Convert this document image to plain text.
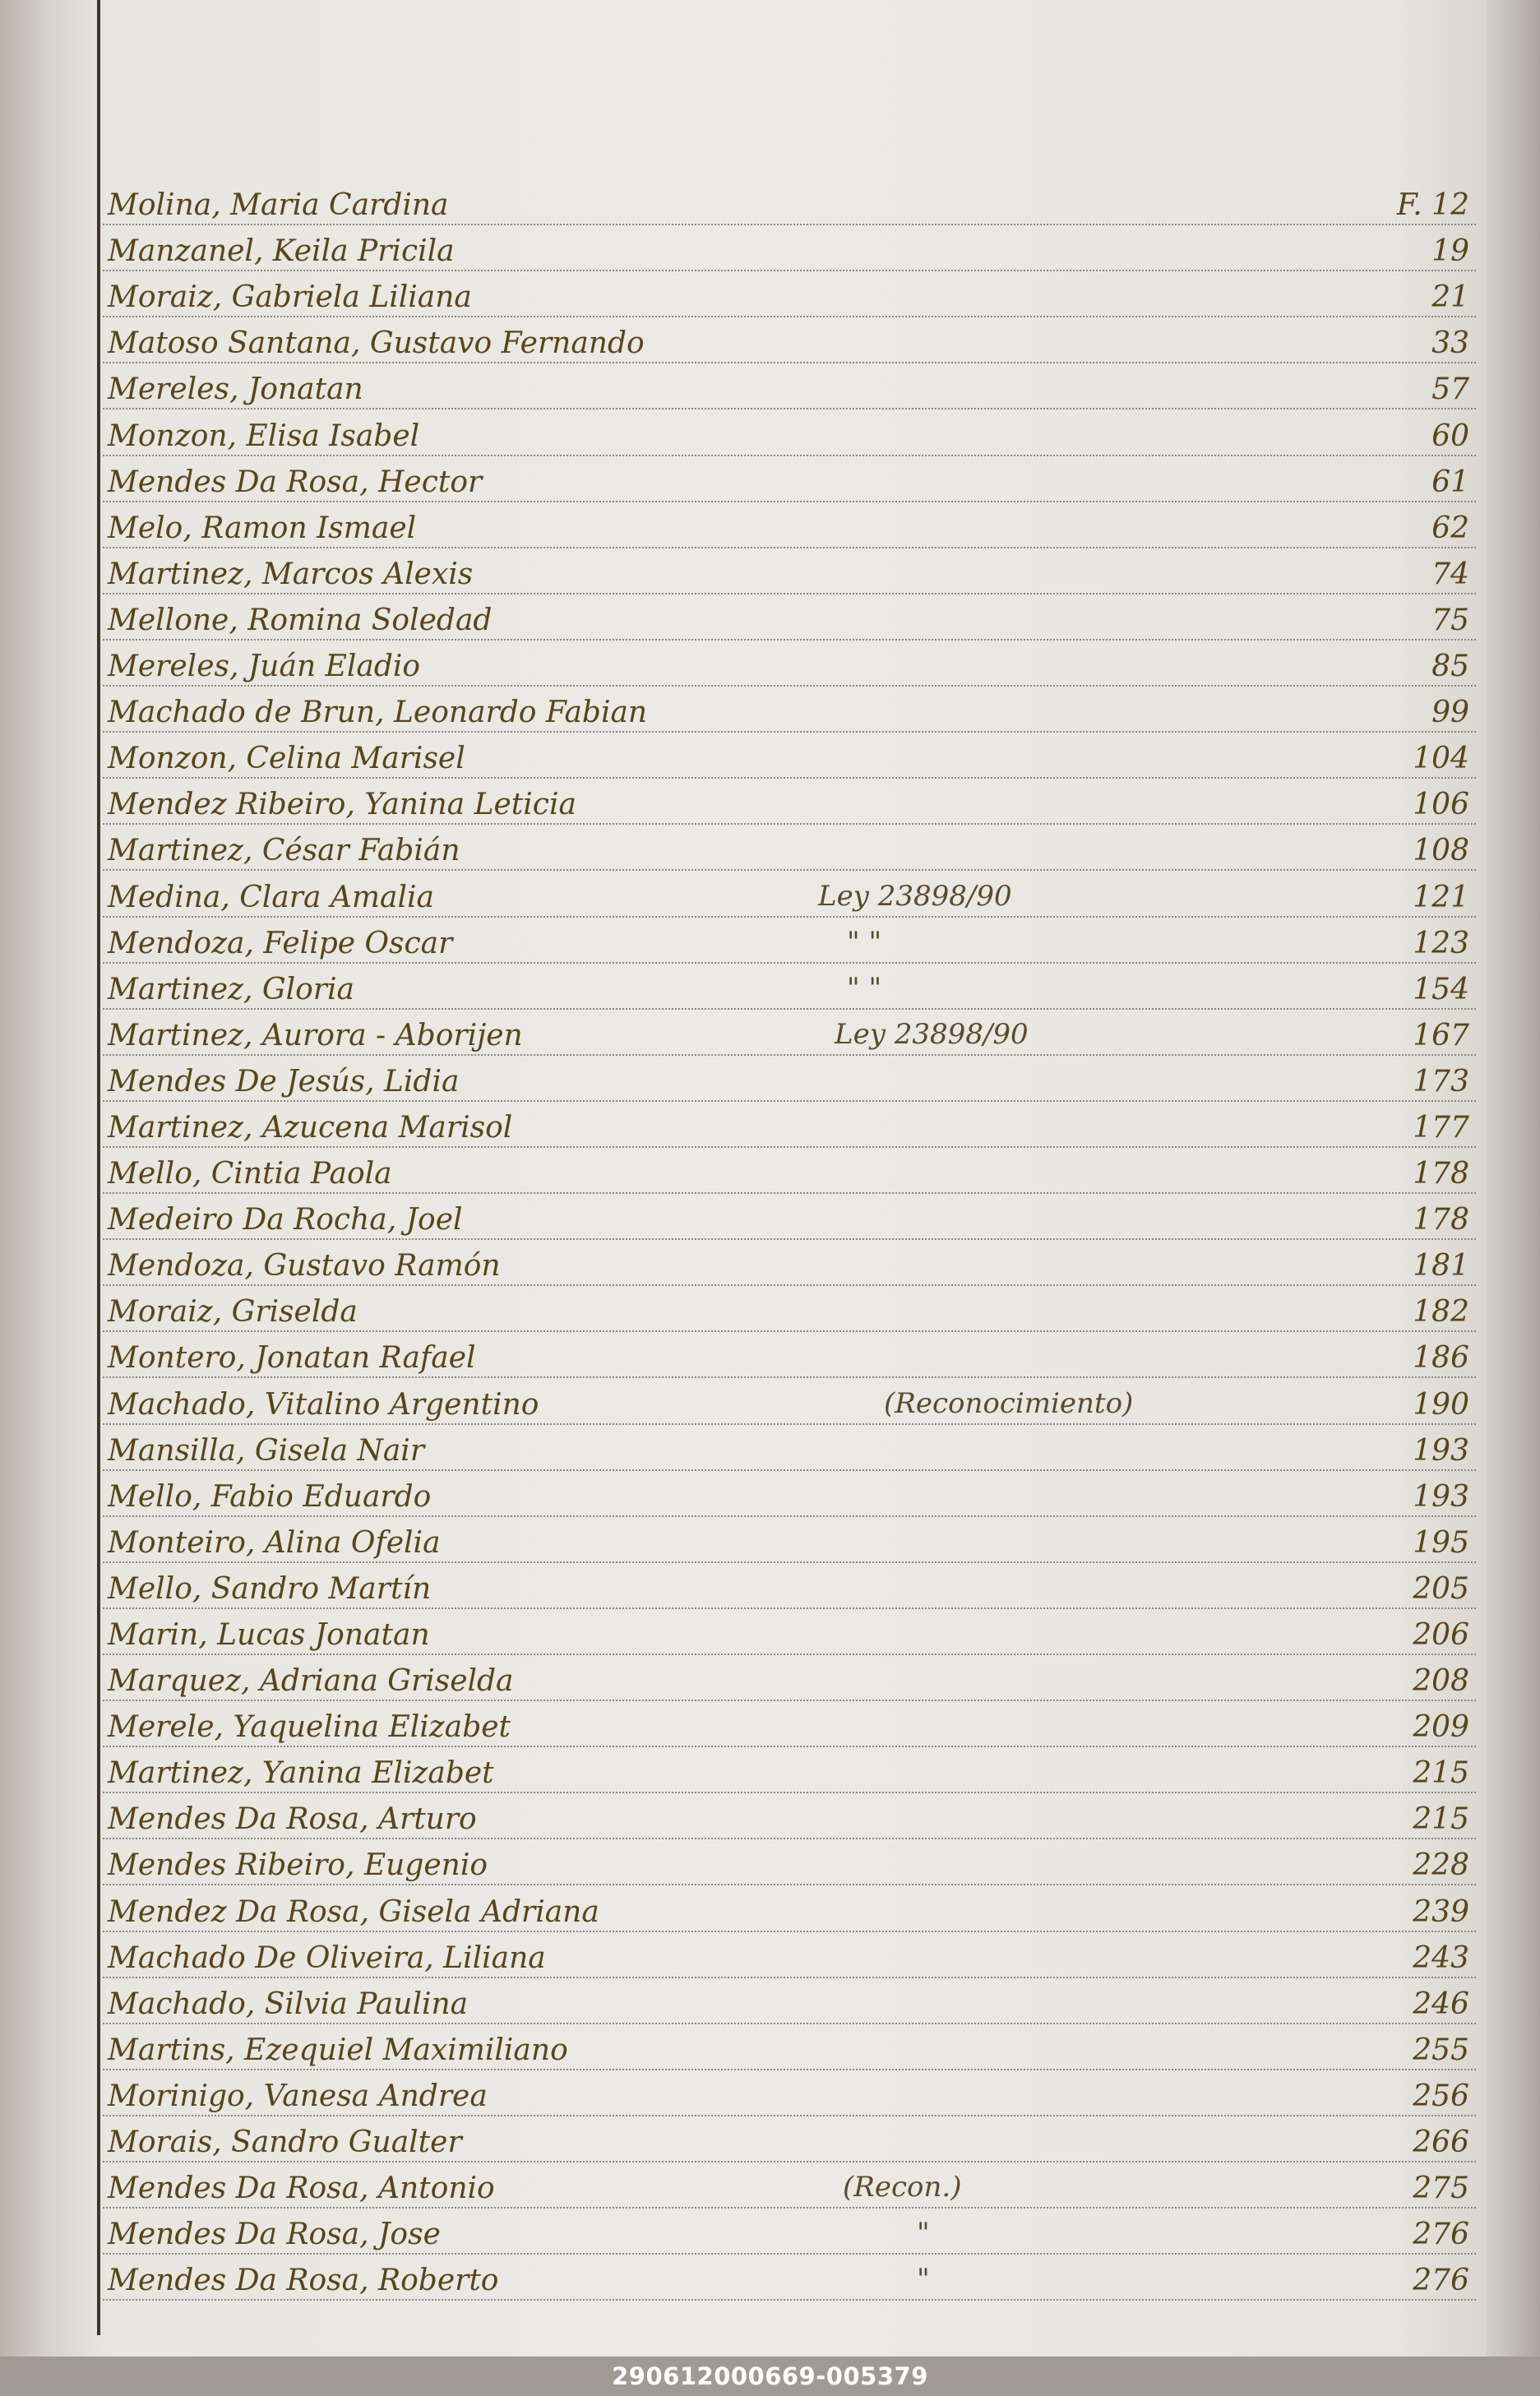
Molina, Maria Cardina	F. 12
Manzanel, Keila Pricila	19
Moraiz, Gabriela Liliana	21
Matoso Santana, Gustavo Fernando	33
Mereles, Jonatan	57
Monzon, Elisa Isabel	60
Mendes Da Rosa, Hector	61
Melo, Ramon Ismael	62
Martinez, Marcos Alexis	74
Mellone, Romina Soledad	75
Mereles, Juán Eladio	85
Machado de Brun, Leonardo Fabian	99
Monzon, Celina Marisel	104
Mendez Ribeiro, Yanina Leticia	106
Martinez, César Fabián	108
Medina, Clara Amalia	Ley 23898/90	121
Mendoza, Felipe Oscar	" "	123
Martinez, Gloria	" "	154
Martinez, Aurora - Aborijen	Ley 23898/90	167
Mendes De Jesús, Lidia	173
Martinez, Azucena Marisol	177
Mello, Cintia Paola	178
Medeiro Da Rocha, Joel	178
Mendoza, Gustavo Ramón	181
Moraiz, Griselda	182
Montero, Jonatan Rafael	186
Machado, Vitalino Argentino	(Reconocimiento)	190
Mansilla, Gisela Nair	193
Mello, Fabio Eduardo	193
Monteiro, Alina Ofelia	195
Mello, Sandro Martín	205
Marin, Lucas Jonatan	206
Marquez, Adriana Griselda	208
Merele, Yaquelina Elizabet	209
Martinez, Yanina Elizabet	215
Mendes Da Rosa, Arturo	215
Mendes Ribeiro, Eugenio	228
Mendez Da Rosa, Gisela Adriana	239
Machado De Oliveira, Liliana	243
Machado, Silvia Paulina	246
Martins, Ezequiel Maximiliano	255
Morinigo, Vanesa Andrea	256
Morais, Sandro Gualter	266
Mendes Da Rosa, Antonio	(Recon.)	275
Mendes Da Rosa, Jose	"	276
Mendes Da Rosa, Roberto	"	276
290612000669-005379
